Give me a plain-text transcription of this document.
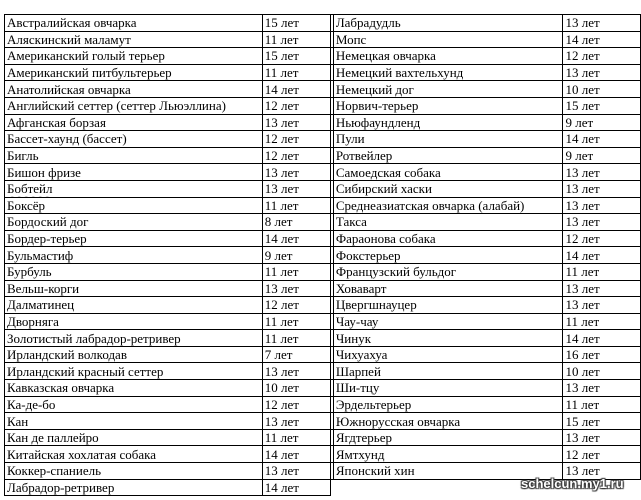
Австралийская овчарка	15 лет		Лабрадудль	13 лет
Аляскинский маламут	11 лет		Мопс	14 лет
Американский голый терьер	15 лет		Немецкая овчарка	12 лет
Американский питбультерьер	11 лет		Немецкий вахтельхунд	13 лет
Анатолийская овчарка	14 лет		Немецкий дог	10 лет
Английский сеттер (сеттер Льюэллина)	12 лет		Норвич-терьер	15 лет
Афганская борзая	13 лет		Ньюфаундленд	9 лет
Бассет-хаунд (бассет)	12 лет		Пули	14 лет
Бигль	12 лет		Ротвейлер	9 лет
Бишон фризе	13 лет		Самоедская собака	13 лет
Бобтейл	13 лет		Сибирский хаски	13 лет
Боксёр	11 лет		Среднеазиатская овчарка (алабай)	13 лет
Бордоский дог	8 лет		Такса	13 лет
Бордер-терьер	14 лет		Фараонова собака	12 лет
Бульмастиф	9 лет		Фокстерьер	14 лет
Бурбуль	11 лет		Французский бульдог	11 лет
Вельш-корги	13 лет		Ховаварт	13 лет
Далматинец	12 лет		Цвергшнауцер	13 лет
Дворняга	11 лет		Чау-чау	11 лет
Золотистый лабрадор-ретривер	11 лет		Чинук	14 лет
Ирландский волкодав	7 лет		Чихуахуа	16 лет
Ирландский красный сеттер	13 лет		Шарпей	10 лет
Кавказская овчарка	10 лет		Ши-тцу	13 лет
Ка-де-бо	12 лет		Эрдельтерьер	11 лет
Кан	13 лет		Южнорусская овчарка	15 лет
Кан де паллейро	11 лет		Ягдтерьер	13 лет
Китайская хохлатая собака	14 лет		Ямтхунд	12 лет
Коккер-спаниель	13 лет		Японский хин	13 лет
Лабрадор-ретривер	14 лет				schelcun.my1.ru
